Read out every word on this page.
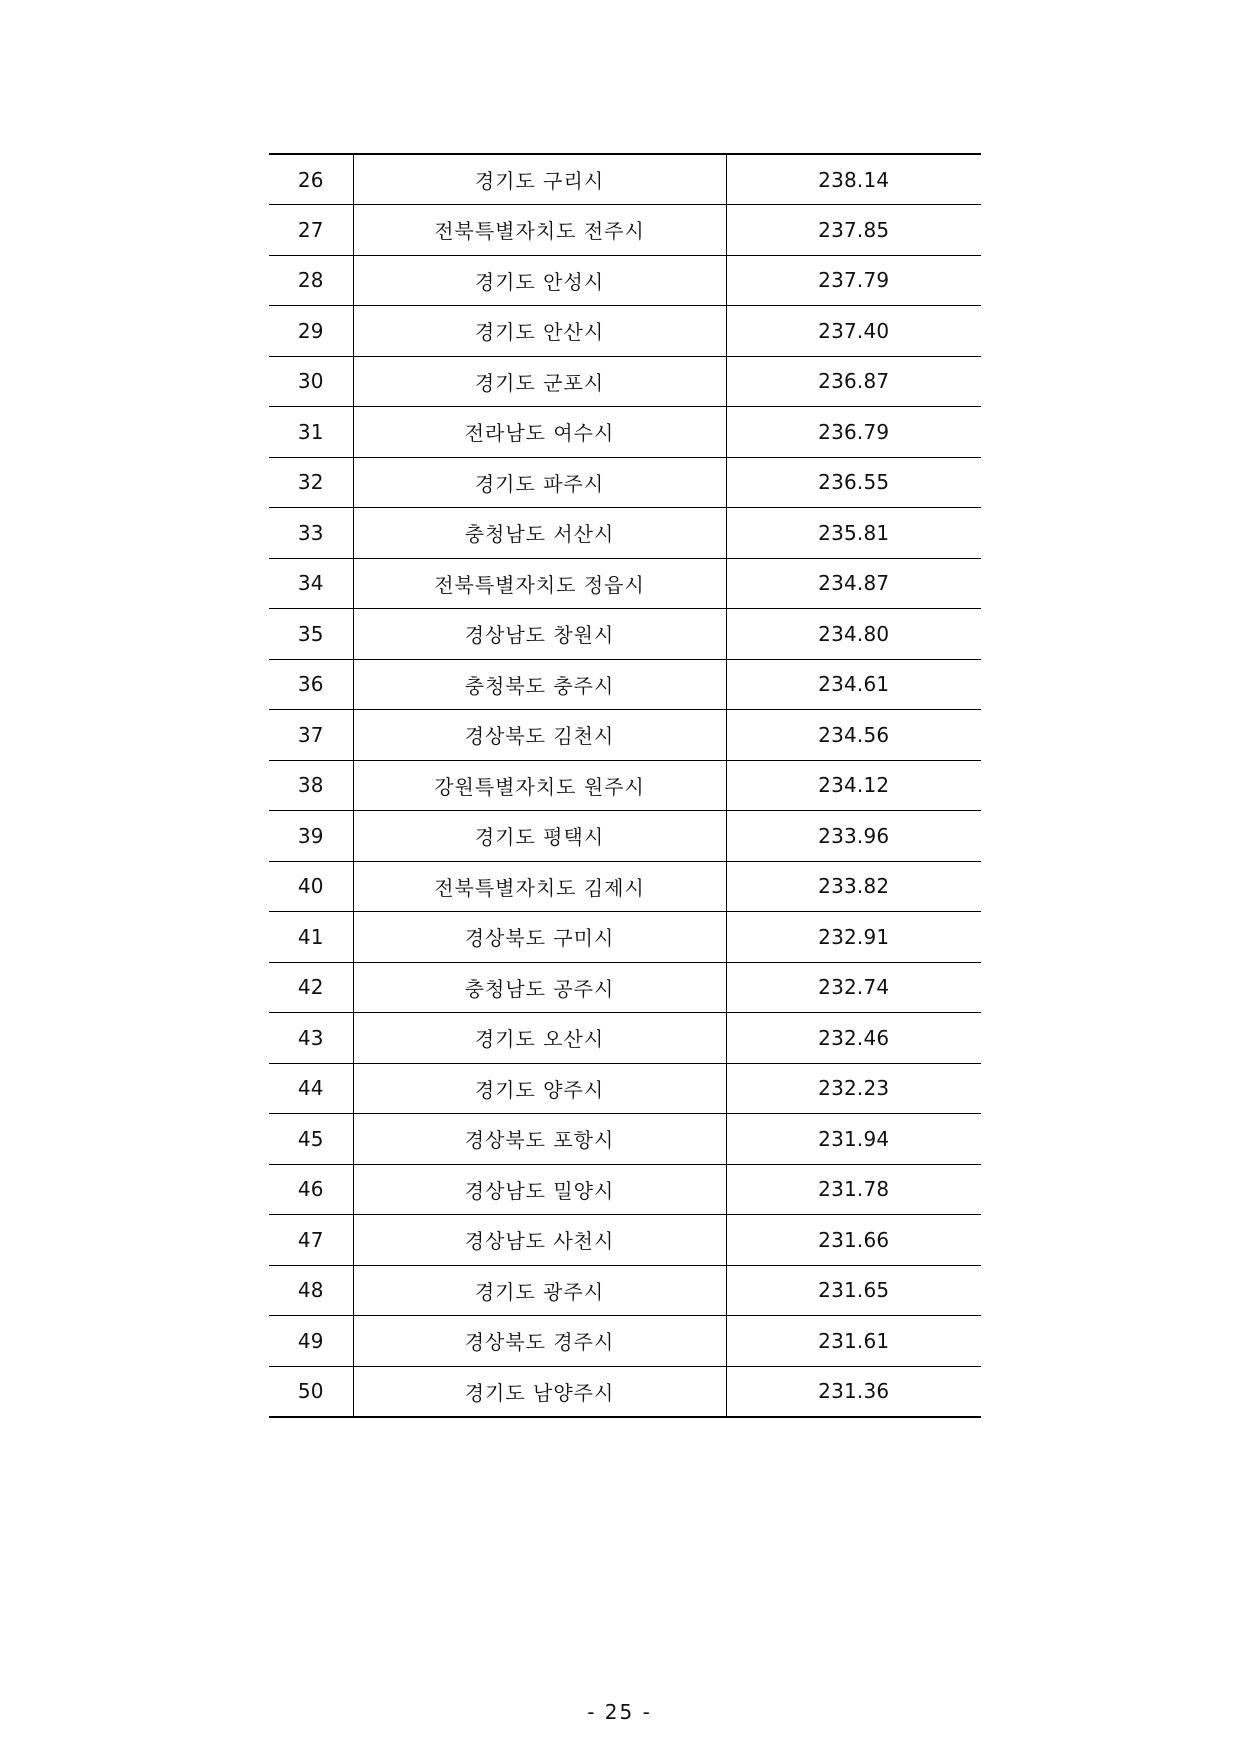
26	경기도 구리시	238.14
27	전북특별자치도 전주시	237.85
28	경기도 안성시	237.79
29	경기도 안산시	237.40
30	경기도 군포시	236.87
31	전라남도 여수시	236.79
32	경기도 파주시	236.55
33	충청남도 서산시	235.81
34	전북특별자치도 정읍시	234.87
35	경상남도 창원시	234.80
36	충청북도 충주시	234.61
37	경상북도 김천시	234.56
38	강원특별자치도 원주시	234.12
39	경기도 평택시	233.96
40	전북특별자치도 김제시	233.82
41	경상북도 구미시	232.91
42	충청남도 공주시	232.74
43	경기도 오산시	232.46
44	경기도 양주시	232.23
45	경상북도 포항시	231.94
46	경상남도 밀양시	231.78
47	경상남도 사천시	231.66
48	경기도 광주시	231.65
49	경상북도 경주시	231.61
50	경기도 남양주시	231.36
- 25 -
